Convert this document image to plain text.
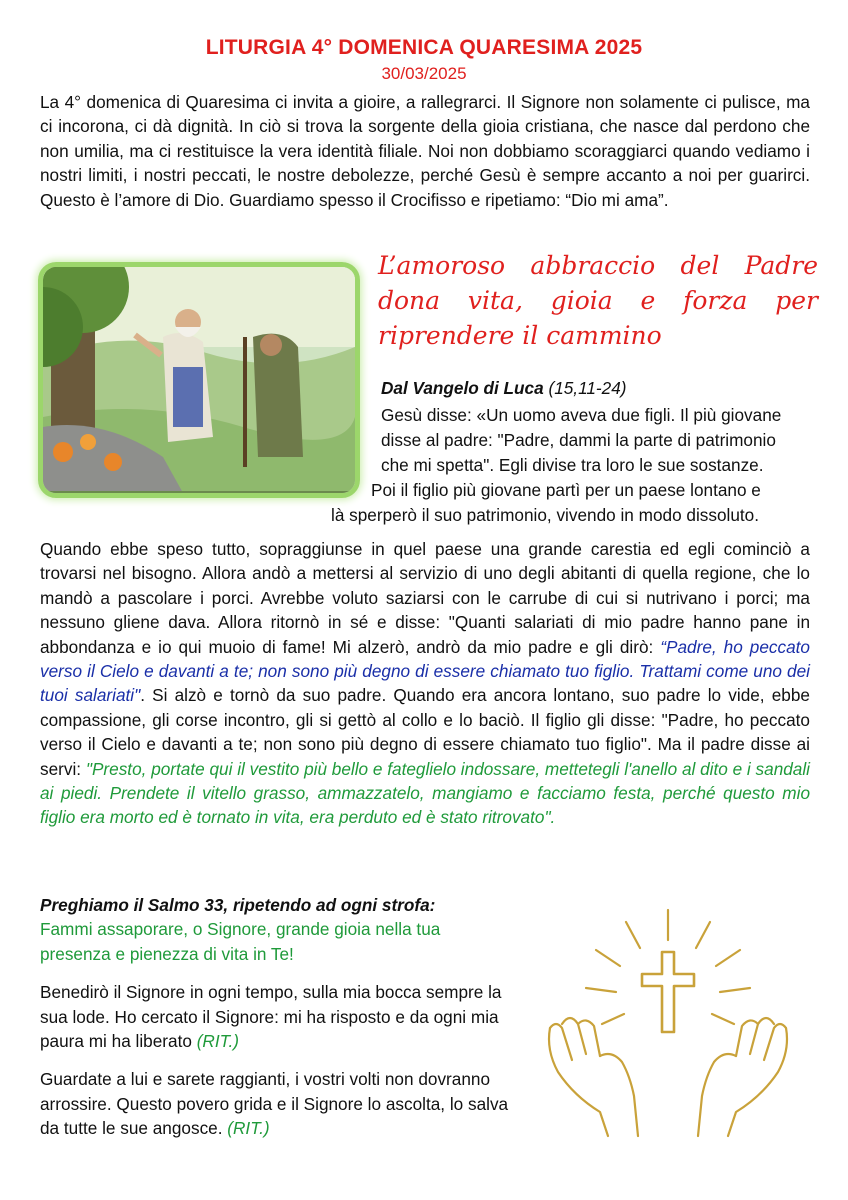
LITURGIA 4° DOMENICA QUARESIMA 2025
30/03/2025
La 4° domenica di Quaresima ci invita a gioire, a rallegrarci. Il Signore non solamente ci pulisce, ma ci incorona, ci dà dignità. In ciò si trova la sorgente della gioia cristiana, che nasce dal perdono che non umilia, ma ci restituisce la vera identità filiale. Noi non dobbiamo scoraggiarci quando vediamo i nostri limiti, i nostri peccati, le nostre debolezze, perché Gesù è sempre accanto a noi per guarirci. Questo è l’amore di Dio. Guardiamo spesso il Crocifisso e ripetiamo: “Dio mi ama”.
L’amoroso abbraccio del Padre dona vita, gioia e forza per riprendere il cammino
Dal Vangelo di Luca (15,11-24)
Gesù disse: «Un uomo aveva due figli. Il più giovane
disse al padre: "Padre, dammi la parte di patrimonio
che mi spetta". Egli divise tra loro le sue sostanze.
Poi il figlio più giovane partì per un paese lontano e
là sperperò il suo patrimonio, vivendo in modo dissoluto.
Quando ebbe speso tutto, sopraggiunse in quel paese una grande carestia ed egli cominciò a trovarsi nel bisogno. Allora andò a mettersi al servizio di uno degli abitanti di quella regione, che lo mandò a pascolare i porci. Avrebbe voluto saziarsi con le carrube di cui si nutrivano i porci; ma nessuno gliene dava. Allora ritornò in sé e disse: "Quanti salariati di mio padre hanno pane in abbondanza e io qui muoio di fame! Mi alzerò, andrò da mio padre e gli dirò: “Padre, ho peccato verso il Cielo e davanti a te; non sono più degno di essere chiamato tuo figlio. Trattami come uno dei tuoi salariati". Si alzò e tornò da suo padre. Quando era ancora lontano, suo padre lo vide, ebbe compassione, gli corse incontro, gli si gettò al collo e lo baciò. Il figlio gli disse: "Padre, ho peccato verso il Cielo e davanti a te; non sono più degno di essere chiamato tuo figlio". Ma il padre disse ai servi: "Presto, portate qui il vestito più bello e fateglielo indossare, mettetegli l'anello al dito e i sandali ai piedi. Prendete il vitello grasso, ammazzatelo, mangiamo e facciamo festa, perché questo mio figlio era morto ed è tornato in vita, era perduto ed è stato ritrovato".

Preghiamo il Salmo 33, ripetendo ad ogni strofa:

Fammi assaporare, o Signore, grande gioia nella tua presenza e pienezza di vita in Te!

Benedirò il Signore in ogni tempo, sulla mia bocca sempre la sua lode. Ho cercato il Signore: mi ha risposto e da ogni mia paura mi ha liberato (RIT.)

Guardate a lui e sarete raggianti, i vostri volti non dovranno arrossire. Questo povero grida e il Signore lo ascolta, lo salva da tutte le sue angosce. (RIT.)
